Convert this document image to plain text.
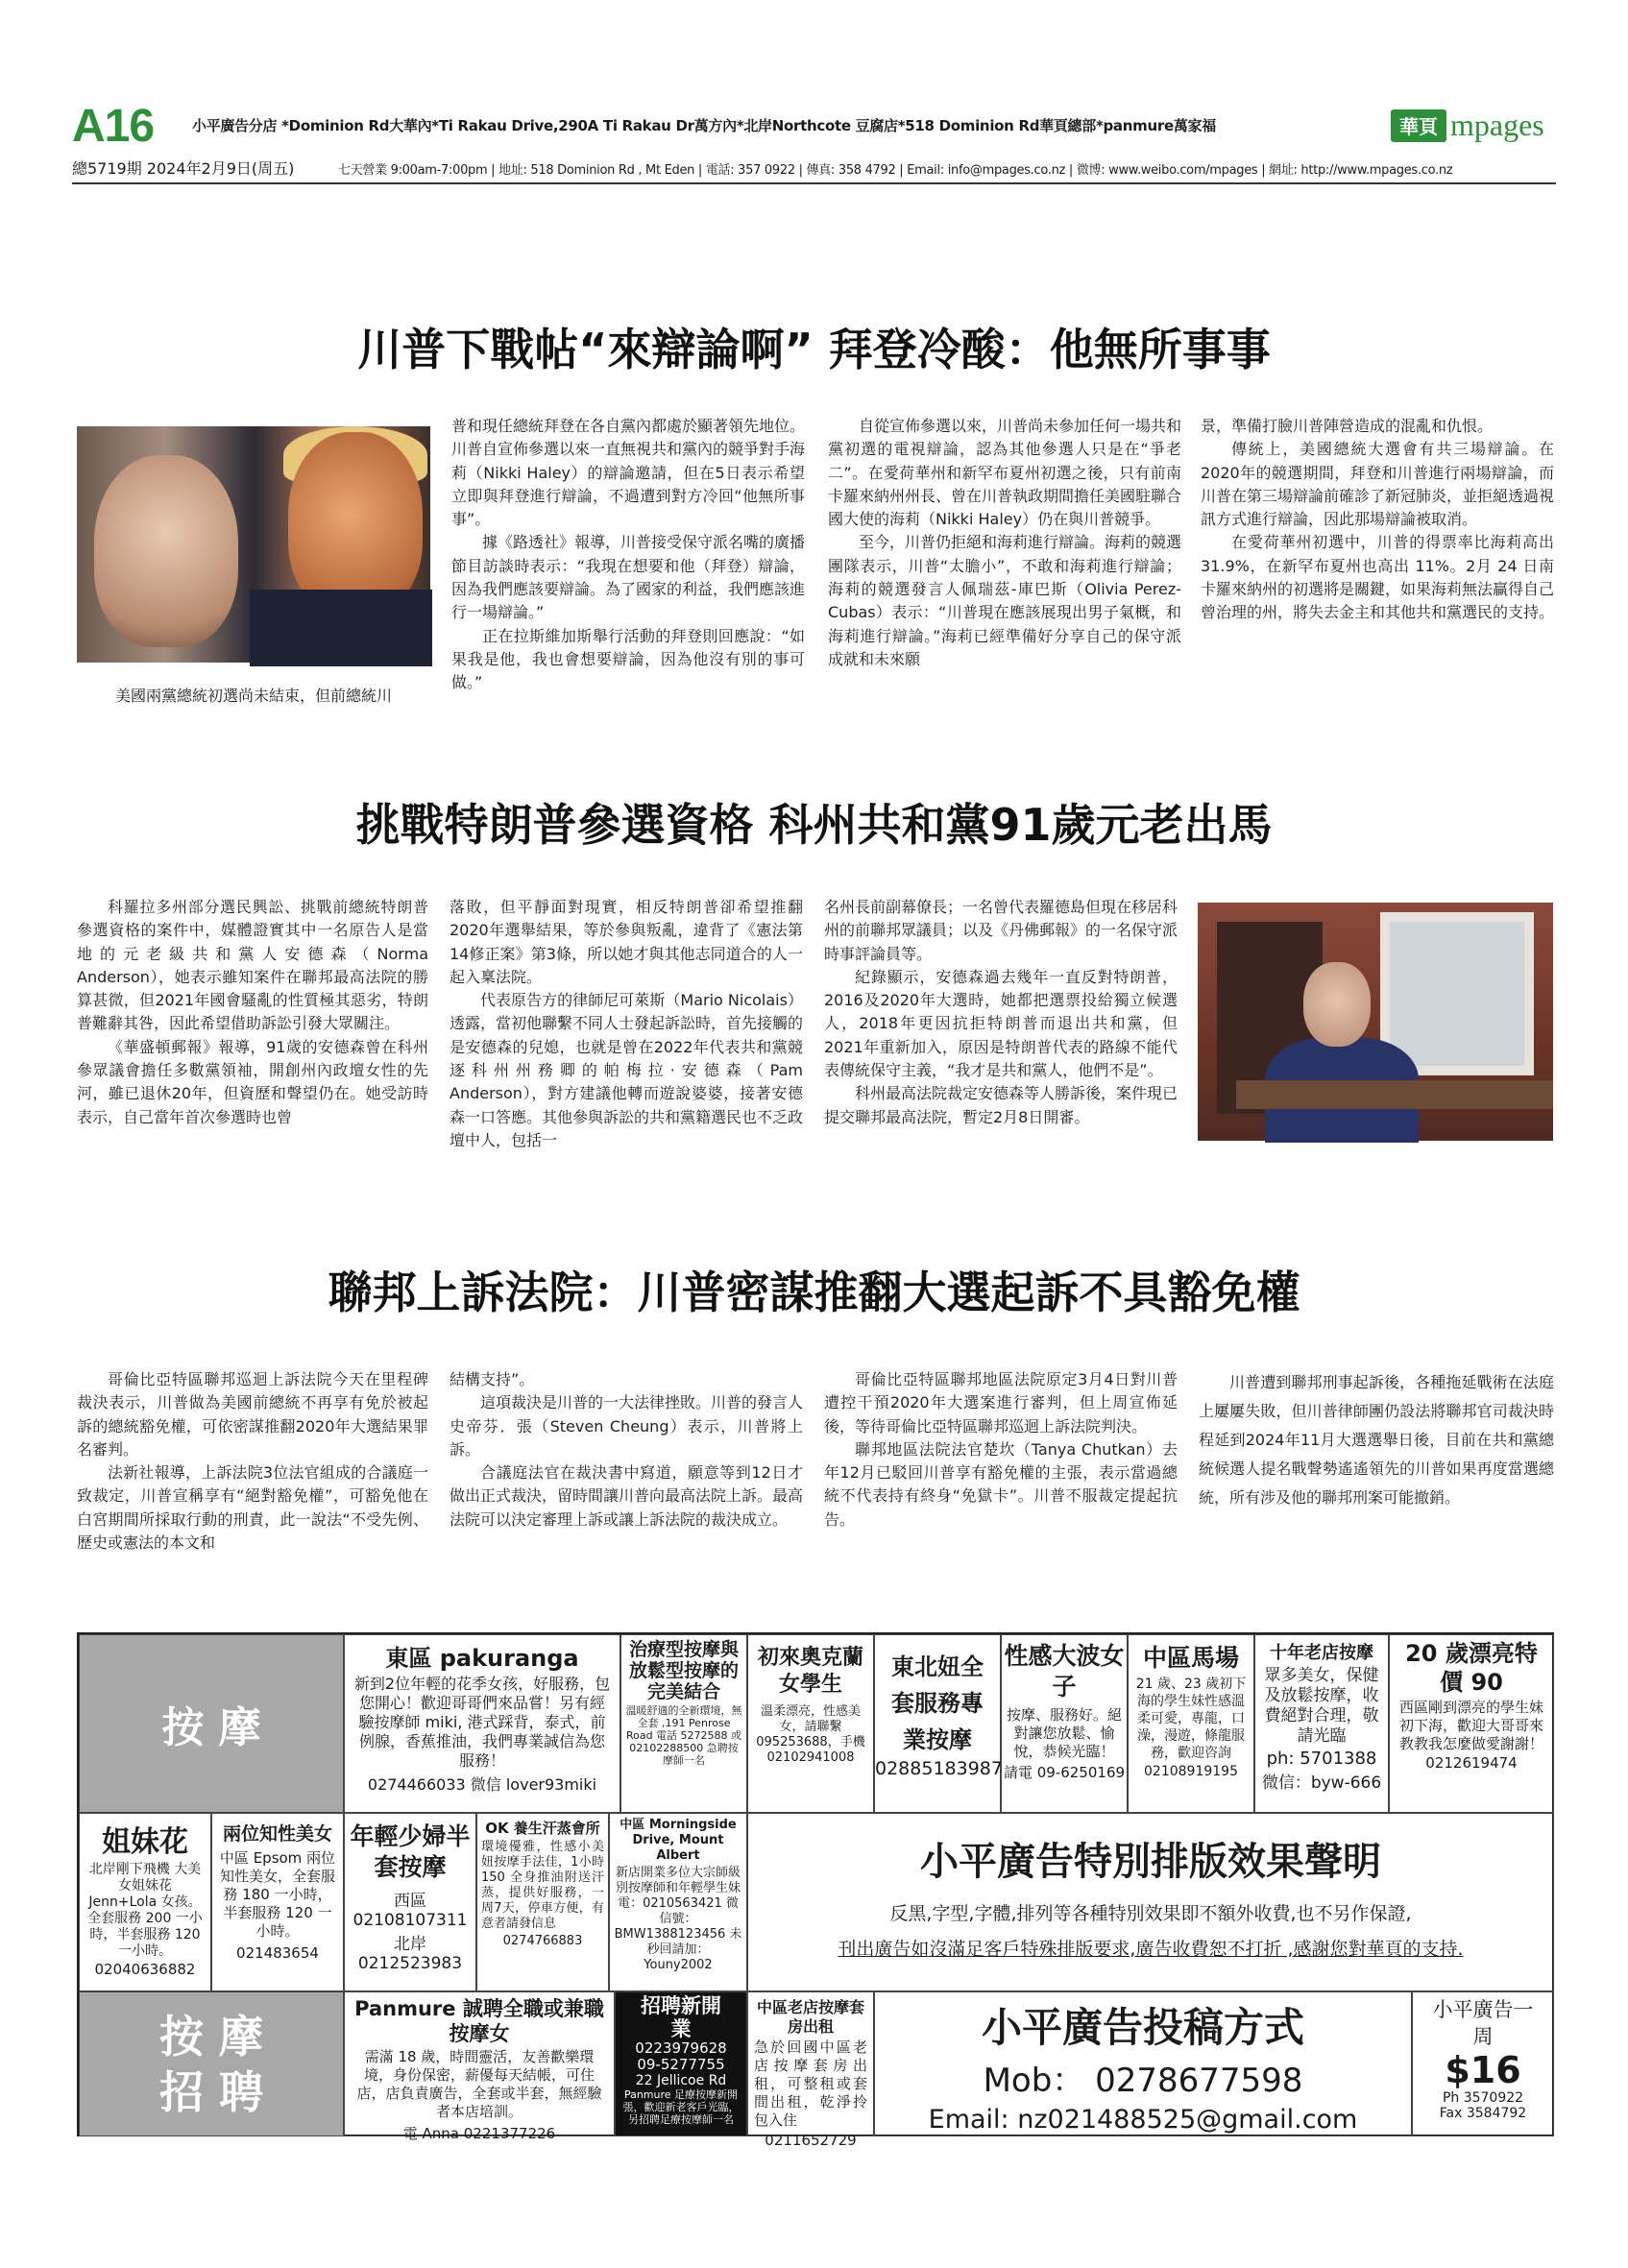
A16	小平廣告分店 *Dominion Rd大華內*Ti Rakau Drive,290A Ti Rakau Dr萬方內*北岸Northcote 豆腐店*518 Dominion Rd華頁總部*panmure萬家福	華頁 mpages
總5719期 2024年2月9日(周五)	七天營業 9:00am-7:00pm | 地址: 518 Dominion Rd , Mt Eden | 電話: 357 0922 | 傳真: 358 4792 | Email: info@mpages.co.nz | 微博: www.weibo.com/mpages | 網址: http://www.mpages.co.nz
川普下戰帖“來辯論啊” 拜登冷酸：他無所事事
美國兩黨總統初選尚未結束，但前總統川

普和現任總統拜登在各自黨內都處於顯著領先地位。川普自宣佈參選以來一直無視共和黨內的競爭對手海莉（Nikki Haley）的辯論邀請，但在5日表示希望立即與拜登進行辯論，不過遭到對方冷回“他無所事事”。

據《路透社》報導，川普接受保守派名嘴的廣播節目訪談時表示：“我現在想要和他（拜登）辯論，因為我們應該要辯論。為了國家的利益，我們應該進行一場辯論。”

正在拉斯維加斯舉行活動的拜登則回應說：“如果我是他，我也會想要辯論，因為他沒有別的事可做。”

自從宣佈參選以來，川普尚未參加任何一場共和黨初選的電視辯論，認為其他參選人只是在“爭老二”。在愛荷華州和新罕布夏州初選之後，只有前南卡羅來納州州長、曾在川普執政期間擔任美國駐聯合國大使的海莉（Nikki Haley）仍在與川普競爭。

至今，川普仍拒絕和海莉進行辯論。海莉的競選團隊表示，川普“太膽小”，不敢和海莉進行辯論；海莉的競選發言人佩瑞茲-庫巴斯（Olivia Perez-Cubas）表示：“川普現在應該展現出男子氣概，和海莉進行辯論。”海莉已經準備好分享自己的保守派成就和未來願

景，準備打臉川普陣營造成的混亂和仇恨。

傳統上，美國總統大選會有共三場辯論。在2020年的競選期間，拜登和川普進行兩場辯論，而川普在第三場辯論前確診了新冠肺炎，並拒絕透過視訊方式進行辯論，因此那場辯論被取消。

在愛荷華州初選中，川普的得票率比海莉高出 31.9%，在新罕布夏州也高出 11%。2月 24 日南卡羅來納州的初選將是關鍵，如果海莉無法贏得自己曾治理的州，將失去金主和其他共和黨選民的支持。

挑戰特朗普參選資格 科州共和黨91歲元老出馬

科羅拉多州部分選民興訟、挑戰前總統特朗普參選資格的案件中，媒體證實其中一名原告人是當地的元老級共和黨人安德森（Norma Anderson），她表示雖知案件在聯邦最高法院的勝算甚微，但2021年國會騷亂的性質極其惡劣，特朗普難辭其咎，因此希望借助訴訟引發大眾關注。

《華盛頓郵報》報導，91歲的安德森曾在科州參眾議會擔任多數黨領袖，開創州內政壇女性的先河，雖已退休20年，但資歷和聲望仍在。她受訪時表示，自己當年首次參選時也曾

落敗，但平靜面對現實，相反特朗普卻希望推翻2020年選舉結果，等於參與叛亂，違背了《憲法第14修正案》第3條，所以她才與其他志同道合的人一起入稟法院。

代表原告方的律師尼可萊斯（Mario Nicolais）透露，當初他聯繫不同人士發起訴訟時，首先接觸的是安德森的兒媳，也就是曾在2022年代表共和黨競逐科州州務卿的帕梅拉·安德森（Pam Anderson），對方建議他轉而遊說婆婆，接著安德森一口答應。其他參與訴訟的共和黨籍選民也不乏政壇中人，包括一

名州長前副幕僚長；一名曾代表羅德島但現在移居科州的前聯邦眾議員；以及《丹佛郵報》的一名保守派時事評論員等。

紀錄顯示，安德森過去幾年一直反對特朗普，2016及2020年大選時，她都把選票投給獨立候選人，2018年更因抗拒特朗普而退出共和黨，但2021年重新加入，原因是特朗普代表的路線不能代表傳統保守主義，“我才是共和黨人，他們不是”。

科州最高法院裁定安德森等人勝訴後，案件現已提交聯邦最高法院，暫定2月8日開審。

聯邦上訴法院：川普密謀推翻大選起訴不具豁免權

哥倫比亞特區聯邦巡迴上訴法院今天在里程碑裁決表示，川普做為美國前總統不再享有免於被起訴的總統豁免權，可依密謀推翻2020年大選結果罪名審判。

法新社報導，上訴法院3位法官組成的合議庭一致裁定，川普宣稱享有“絕對豁免權”，可豁免他在白宮期間所採取行動的刑責，此一說法“不受先例、歷史或憲法的本文和

結構支持”。

這項裁決是川普的一大法律挫敗。川普的發言人史帝芬．張（Steven Cheung）表示，川普將上訴。

合議庭法官在裁決書中寫道，願意等到12日才做出正式裁決，留時間讓川普向最高法院上訴。最高法院可以決定審理上訴或讓上訴法院的裁決成立。

哥倫比亞特區聯邦地區法院原定3月4日對川普遭控干預2020年大選案進行審判，但上周宣佈延後，等待哥倫比亞特區聯邦巡迴上訴法院判決。

聯邦地區法院法官楚坎（Tanya Chutkan）去年12月已駁回川普享有豁免權的主張，表示當過總統不代表持有終身“免獄卡”。川普不服裁定提起抗告。

川普遭到聯邦刑事起訴後，各種拖延戰術在法庭上屢屢失敗，但川普律師團仍設法將聯邦官司裁決時程延到2024年11月大選選舉日後，目前在共和黨總統候選人提名戰聲勢遙遙領先的川普如果再度當選總統，所有涉及他的聯邦刑案可能撤銷。

按 摩
東區 pakuranga
新到2位年輕的花季女孩，好服務，包您開心！歡迎哥哥們來品嘗！另有經驗按摩師 miki, 港式踩背，泰式，前例腺，香蕉推油，我們專業誠信為您服務！
0274466033 微信 lover93miki
治療型按摩與放鬆型按摩的完美結合
溫暖舒適的全新環境，無全套 ,191 Penrose Road 電話 5272588 或 02102288500 急聘按摩師一名
初來奧克蘭女學生
溫柔漂亮，性感美女，請聯繫 095253688，手機 02102941008
東北妞全套服務專業按摩
02885183987
性感大波女子
按摩、服務好。絕對讓您放鬆、愉悅，恭候光臨！
請電 09-6250169
中區馬場
21 歲、23 歲初下海的學生妹性感溫柔可愛，專龍，口澡，漫遊，條龍服務，歡迎咨詢
02108919195
十年老店按摩
眾多美女，保健及放鬆按摩，收費絕對合理，敬請光臨
ph: 5701388
微信：byw-666
20 歲漂亮特價 90
西區剛到漂亮的學生妹初下海，歡迎大哥哥來教教我怎麼做愛謝謝！
0212619474
姐妹花
北岸剛下飛機 大美女姐妹花 Jenn+Lola 女孩。全套服務 200 一小時，半套服務 120 一小時。
02040636882
兩位知性美女
中區 Epsom 兩位知性美女，全套服務 180 一小時，半套服務 120 一小時。
021483654
年輕少婦半套按摩
西區
02108107311
北岸
0212523983
OK 養生汗蒸會所
環境優雅，性感小美妞按摩手法佳，1小時 150 全身推油附送汗蒸，提供好服務，一周7天，停車方便，有意者請發信息
0274766883
中區 Morningside Drive, Mount Albert
新店開業多位大宗師級別按摩師和年輕學生妹電：0210563421 微信號：BMW1388123456 未秒回請加：Youny2002
小平廣告特別排版效果聲明
反黑,字型,字體,排列等各種特別效果即不額外收費,也不另作保證,
刊出廣告如沒滿足客戶特殊排版要求,廣告收費恕不打折 ,感謝您對華頁的支持.
按 摩
招 聘
Panmure 誠聘全職或兼職按摩女
需滿 18 歲，時間靈活，友善歡樂環境，身份保密，薪優每天結帳，可住店，店負責廣告，全套或半套，無經驗者本店培訓。
電 Anna 0221377226
招聘新開業
0223979628
09-5277755
22 Jellicoe Rd
Panmure 足療按摩新開張，歡迎新老客戶光臨，另招聘足療按摩師一名
中區老店按摩套房出租
急於回國中區老店按摩套房出租，可整租或套間出租，乾淨拎包入住
0211652729
小平廣告投稿方式
Mob： 0278677598
Email: nz021488525@gmail.com
小平廣告一周
$16
Ph 3570922
Fax 3584792
